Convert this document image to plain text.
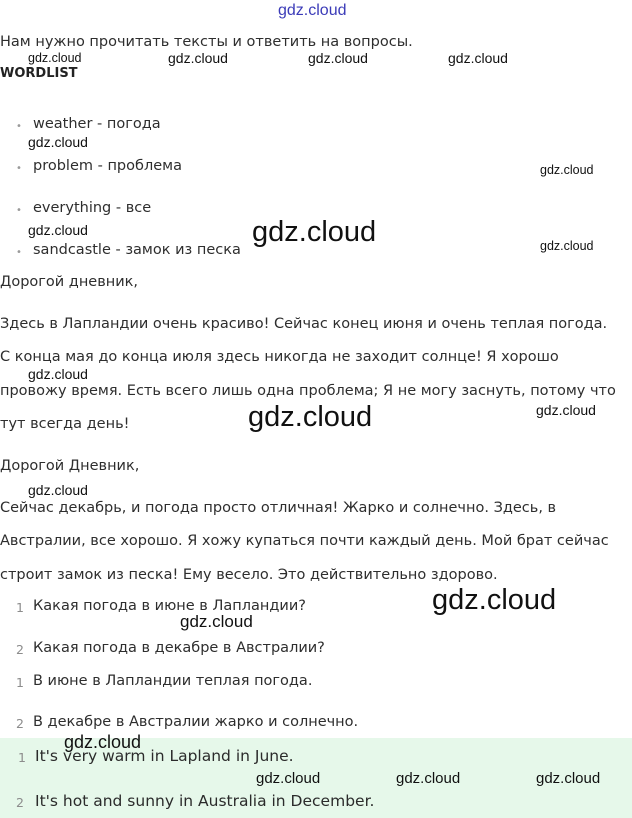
gdz.cloud
Нам нужно прочитать тексты и ответить на вопросы.
gdz.cloud	gdz.cloud	gdz.cloud	gdz.cloud
WORDLIST
• weather - погода
gdz.cloud
• problem - проблема	gdz.cloud
• everything - все
gdz.cloud
• sandcastle - замок из песка
gdz.cloud	gdz.cloud
Дорогой дневник,
Здесь в Лапландии очень красиво! Сейчас конец июня и очень теплая погода.
С конца мая до конца июля здесь никогда не заходит солнце! Я хорошо
gdz.cloud
провожу время. Есть всего лишь одна проблема; Я не могу заснуть, потому что
тут всегда день!	gdz.cloud	gdz.cloud
Дорогой Дневник,
gdz.cloud
Сейчас декабрь, и погода просто отличная! Жарко и солнечно. Здесь, в
Австралии, все хорошо. Я хожу купаться почти каждый день. Мой брат сейчас
строит замок из песка! Ему весело. Это действительно здорово.
1 Какая погода в июне в Лапландии?	gdz.cloud
gdz.cloud
2 Какая погода в декабре в Австралии?
1 В июне в Лапландии теплая погода.
2 В декабре в Австралии жарко и солнечно.
gdz.cloud
1 It's very warm in Lapland in June.
gdz.cloud	gdz.cloud	gdz.cloud
2 It's hot and sunny in Australia in December.
